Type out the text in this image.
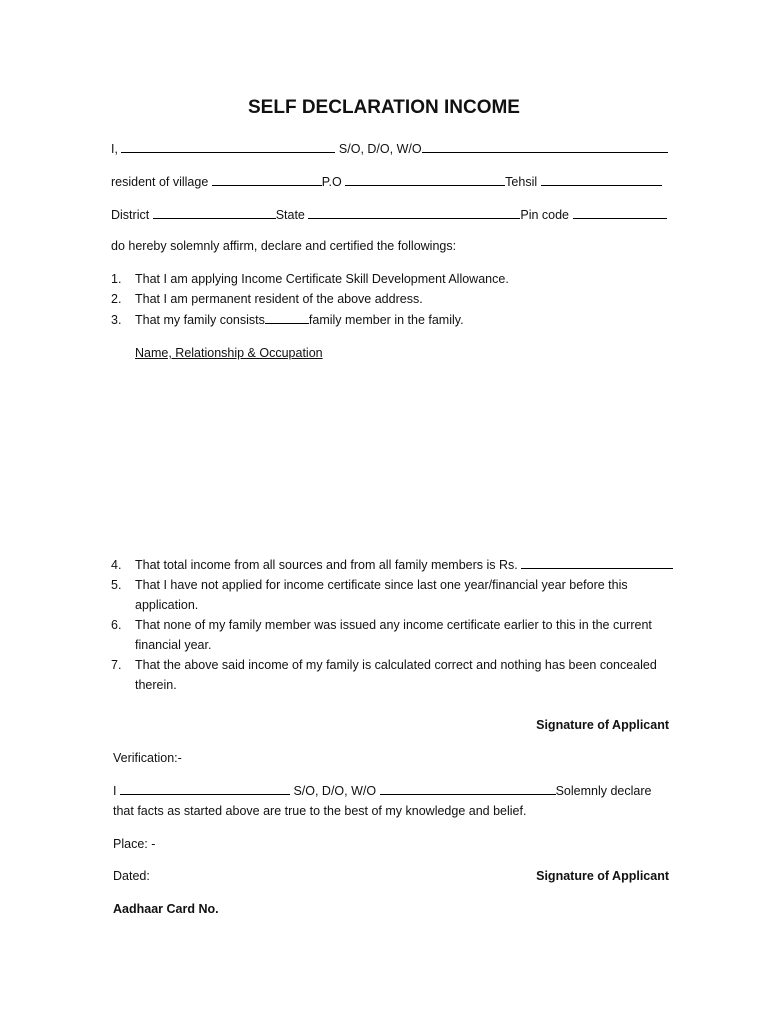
SELF DECLARATION INCOME
I,	S/O, D/O, W/O
resident of village	P.O	Tehsil
District	State	Pin code
do hereby solemnly affirm, declare and certified the followings:
1. That I am applying Income Certificate Skill Development Allowance.
2. That I am permanent resident of the above address.
3. That my family consists	family member in the family.
Name, Relationship & Occupation
4. That total income from all sources and from all family members is Rs.
5. That I have not applied for income certificate since last one year/financial year before this
application.
6. That none of my family member was issued any income certificate earlier to this in the current
financial year.
7. That the above said income of my family is calculated correct and nothing has been concealed
therein.
Signature of Applicant
Verification:-
I	S/O, D/O, W/O	Solemnly declare
that facts as started above are true to the best of my knowledge and belief.
Place: -
Dated:	Signature of Applicant
Aadhaar Card No.
